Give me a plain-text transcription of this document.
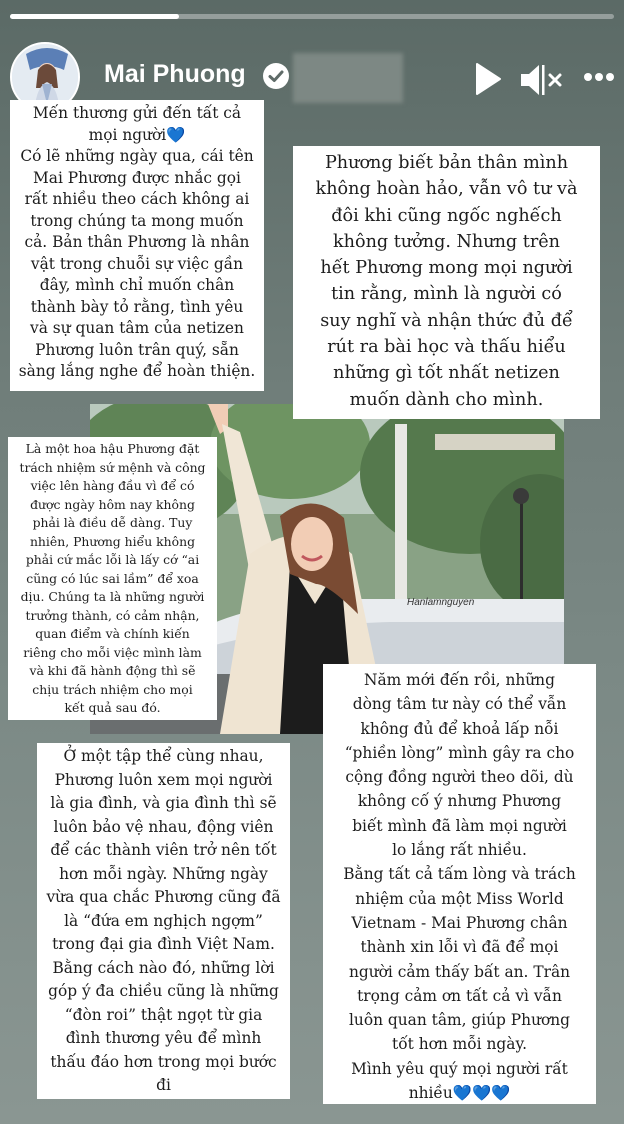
Mai Phuong
Hanlamnguyen
Mến thương gửi đến tất cả
mọi người💙
Có lẽ những ngày qua, cái tên
Mai Phương được nhắc gọi
rất nhiều theo cách không ai
trong chúng ta mong muốn
cả. Bản thân Phương là nhân
vật trong chuỗi sự việc gần
đây, mình chỉ muốn chân
thành bày tỏ rằng, tình yêu
và sự quan tâm của netizen
Phương luôn trân quý, sẵn
sàng lắng nghe để hoàn thiện.
Phương biết bản thân mình
không hoàn hảo, vẫn vô tư và
đôi khi cũng ngốc nghếch
không tưởng. Nhưng trên
hết Phương mong mọi người
tin rằng, mình là người có
suy nghĩ và nhận thức đủ để
rút ra bài học và thấu hiểu
những gì tốt nhất netizen
muốn dành cho mình.
Là một hoa hậu Phương đặt
trách nhiệm sứ mệnh và công
việc lên hàng đầu vì để có
được ngày hôm nay không
phải là điều dễ dàng. Tuy
nhiên, Phương hiểu không
phải cứ mắc lỗi là lấy cớ “ai
cũng có lúc sai lầm” để xoa
dịu. Chúng ta là những người
trưởng thành, có cảm nhận,
quan điểm và chính kiến
riêng cho mỗi việc mình làm
và khi đã hành động thì sẽ
chịu trách nhiệm cho mọi
kết quả sau đó.
Ở một tập thể cùng nhau,
Phương luôn xem mọi người
là gia đình, và gia đình thì sẽ
luôn bảo vệ nhau, động viên
để các thành viên trở nên tốt
hơn mỗi ngày. Những ngày
vừa qua chắc Phương cũng đã
là “đứa em nghịch ngợm”
trong đại gia đình Việt Nam.
Bằng cách nào đó, những lời
góp ý đa chiều cũng là những
“đòn roi” thật ngọt từ gia
đình thương yêu để mình
thấu đáo hơn trong mọi bước
đi
Năm mới đến rồi, những
dòng tâm tư này có thể vẫn
không đủ để khoả lấp nỗi
“phiền lòng” mình gây ra cho
cộng đồng người theo dõi, dù
không cố ý nhưng Phương
biết mình đã làm mọi người
lo lắng rất nhiều.
Bằng tất cả tấm lòng và trách
nhiệm của một Miss World
Vietnam - Mai Phương chân
thành xin lỗi vì đã để mọi
người cảm thấy bất an. Trân
trọng cảm ơn tất cả vì vẫn
luôn quan tâm, giúp Phương
tốt hơn mỗi ngày.
Mình yêu quý mọi người rất
nhiều💙💙💙
